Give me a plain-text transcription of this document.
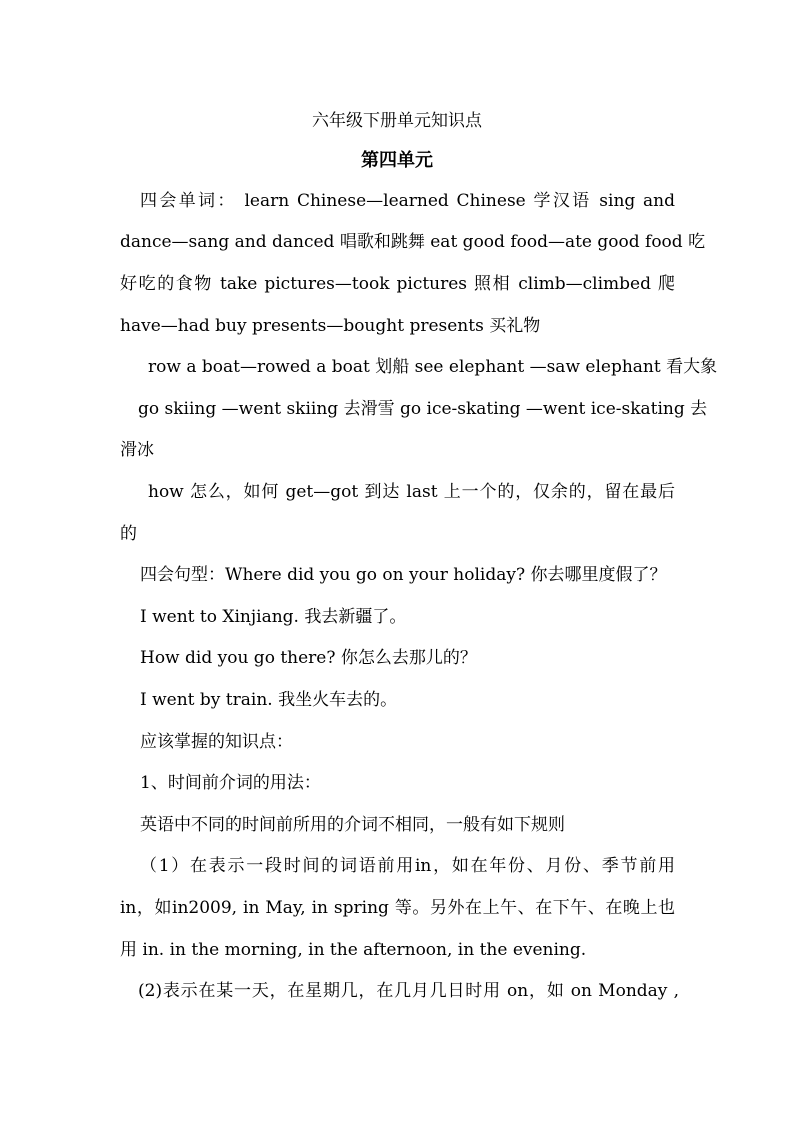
六年级下册单元知识点
第四单元
四会单词： learn Chinese—learned Chinese 学汉语 sing and
dance—sang and danced 唱歌和跳舞 eat good food—ate good food 吃
好吃的食物 take pictures—took pictures 照相 climb—climbed 爬
have—had buy presents—bought presents 买礼物
row a boat—rowed a boat 划船 see elephant —saw elephant 看大象
go skiing —went skiing 去滑雪 go ice-skating —went ice-skating 去
滑冰
how 怎么，如何 get—got 到达 last 上一个的，仅余的，留在最后
的
四会句型：Where did you go on your holiday? 你去哪里度假了？
I went to Xinjiang. 我去新疆了。
How did you go there? 你怎么去那儿的？
I went by train. 我坐火车去的。
应该掌握的知识点：
1、时间前介词的用法：
英语中不同的时间前所用的介词不相同，一般有如下规则
（1）在表示一段时间的词语前用in，如在年份、月份、季节前用
in，如in2009, in May, in spring 等。另外在上午、在下午、在晚上也
用 in. in the morning, in the afternoon, in the evening.
(2)表示在某一天，在星期几，在几月几日时用 on，如 on Monday ,
